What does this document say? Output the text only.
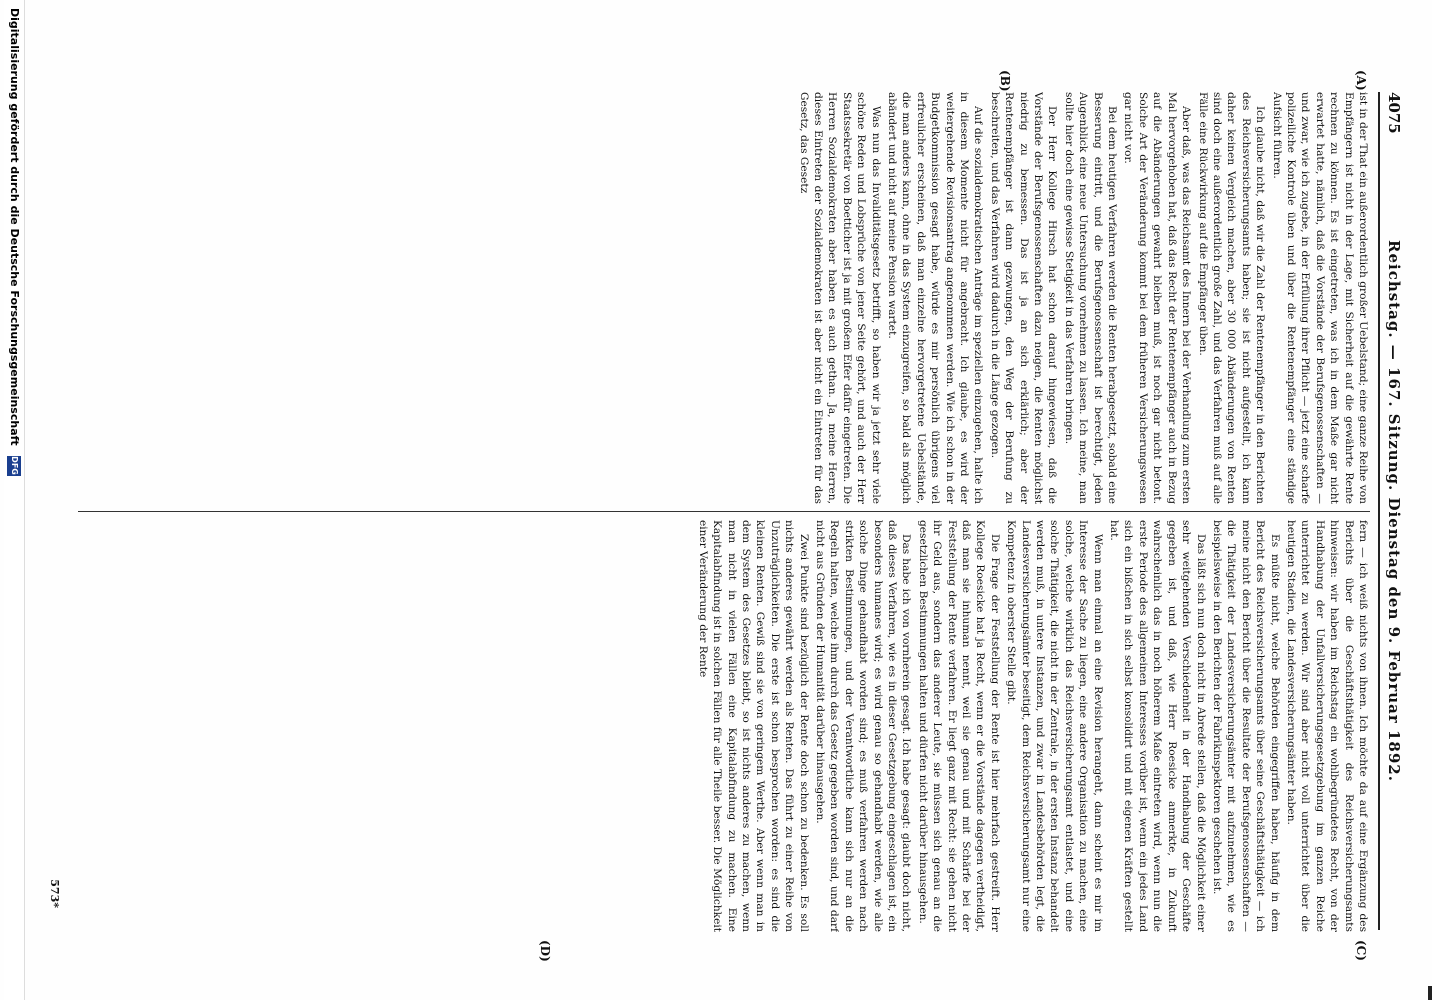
4075
Reichstag. — 167. Sitzung. Dienstag den 9. Februar 1892.
(A)
(B)
(C)
(D)

ist in der That ein außerordentlich großer Uebelstand; eine ganze Reihe von Empfängern ist nicht in der Lage, mit Sicherheit auf die gewährte Rente rechnen zu können. Es ist eingetreten, was ich in dem Maße gar nicht erwartet hatte, nämlich, daß die Vorstände der Berufsgenossenschaften — und zwar, wie ich zugebe, in der Erfüllung ihrer Pflicht — jetzt eine scharfe polizeiliche Kontrole üben und über die Rentenempfänger eine ständige Aufsicht führen.

Ich glaube nicht, daß wir die Zahl der Rentenempfänger in den Berichten des Reichsversicherungsamts haben; sie ist nicht aufgestellt, ich kann daher keinen Vergleich machen, aber 30 000 Abänderungen von Renten sind doch eine außerordentlich große Zahl, und das Verfahren muß auf alle Fälle eine Rückwirkung auf die Empfänger üben.

Aber daß, was das Reichsamt des Innern bei der Verhandlung zum ersten Mal hervorgehoben hat, daß das Recht der Rentenempfänger auch in Bezug auf die Abänderungen gewahrt bleiben muß, ist noch gar nicht betont. Solche Art der Veränderung kommt bei dem früheren Versicherungswesen gar nicht vor.

Bei dem heutigen Verfahren werden die Renten herabgesetzt, sobald eine Besserung eintritt, und die Berufsgenossenschaft ist berechtigt, jeden Augenblick eine neue Untersuchung vornehmen zu lassen. Ich meine, man sollte hier doch eine gewisse Stetigkeit in das Verfahren bringen.

Der Herr Kollege Hirsch hat schon darauf hingewiesen, daß die Vorstände der Berufsgenossenschaften dazu neigen, die Renten möglichst niedrig zu bemessen. Das ist ja an sich erklärlich; aber der Rentenempfänger ist dann gezwungen, den Weg der Berufung zu beschreiten, und das Verfahren wird dadurch in die Länge gezogen.

Auf die sozialdemokratischen Anträge im speziellen einzugehen, halte ich in diesem Momente nicht für angebracht. Ich glaube, es wird der weitergehende Revisionsantrag angenommen werden. Wie ich schon in der Budgetkommission gesagt habe, würde es mir persönlich übrigens viel erfreulicher erscheinen, daß man einzelne hervorgetretene Uebelstände, die man anders kann, ohne in das System einzugreifen, so bald als möglich abändert und nicht auf meine Pension wartet.

Was nun das Invaliditätsgesetz betrifft, so haben wir ja jetzt sehr viele schöne Reden und Lobsprüche von jener Seite gehört, und auch der Herr Staatssekretär von Boetticher ist ja mit großem Eifer dafür eingetreten. Die Herren Sozialdemokraten aber haben es auch gethan. Ja, meine Herren, dieses Eintreten der Sozialdemokraten ist aber nicht ein Eintreten für das Gesetz, das Gesetz

fern — ich weiß nichts von ihnen. Ich möchte da auf eine Ergänzung des Berichts über die Geschäftsthätigkeit des Reichsversicherungsamts hinweisen: wir haben im Reichstag ein wohlbegründetes Recht, von der Handhabung der Unfallversicherungsgesetzgebung im ganzen Reiche unterrichtet zu werden. Wir sind aber nicht voll unterrichtet über die heutigen Stadien, die Landesversicherungsämter haben.

Es müßte nicht, welche Behörden eingegriffen haben, häufig in dem Bericht des Reichsversicherungsamts über seine Geschäftsthätigkeit — ich meine nicht den Bericht über die Resultate der Berufsgenossenschaften — die Thätigkeit der Landesversicherungsämter mit aufzunehmen, wie es beispielsweise in den Berichten der Fabrikinspektoren geschehen ist.

Das läßt sich nun doch nicht in Abrede stellen, daß die Möglichkeit einer sehr weitgehenden Verschiedenheit in der Handhabung der Geschäfte gegeben ist, und daß, wie Herr Roesicke anmerkte, in Zukunft wahrscheinlich das in noch höherem Maße eintreten wird, wenn nun die erste Periode des allgemeinen Interesses vorüber ist, wenn ein jedes Land sich ein bißchen in sich selbst konsolidirt und mit eigenen Kräften gestellt hat.

Wenn man einmal an eine Revision herangeht, dann scheint es mir im Interesse der Sache zu liegen, eine andere Organisation zu machen, eine solche, welche wirklich das Reichsversicherungsamt entlastet, und eine solche Thätigkeit, die nicht in der Zentrale, in der ersten Instanz behandelt werden muß, in untere Instanzen, und zwar in Landesbehörden legt, die Landesversicherungsämter beseitigt, dem Reichsversicherungsamt nur eine Kompetenz in oberster Stelle gibt.

Die Frage der Feststellung der Rente ist hier mehrfach gestreift. Herr Kollege Roesicke hat ja Recht, wenn er die Vorstände dagegen vertheidigt, daß man sie inhuman nennt, weil sie genau und mit Schärfe bei der Feststellung der Rente verfahren. Er liegt ganz mit Recht: sie gehen nicht ihr Geld aus, sondern das anderer Leute, sie müssen sich genau an die gesetzlichen Bestimmungen halten und dürfen nicht darüber hinausgehen.

Das habe ich von vornherein gesagt. Ich habe gesagt: glaubt doch nicht, daß dieses Verfahren, wie es in dieser Gesetzgebung eingeschlagen ist, ein besonders humanes wird; es wird genau so gehandhabt werden, wie alle solche Dinge gehandhabt worden sind; es muß verfahren werden nach strikten Bestimmungen, und der Verantwortliche kann sich nur an die Regeln halten, welche ihm durch das Gesetz gegeben worden sind, und darf nicht aus Gründen der Humanität darüber hinausgehen.

Zwei Punkte sind bezüglich der Rente doch schon zu bedenken. Es soll nichts anderes gewährt werden als Renten. Das führt zu einer Reihe von Unzuträglichkeiten. Die erste ist schon besprochen worden: es sind die kleinen Renten. Gewiß sind sie von geringem Werthe. Aber wenn man in dem System des Gesetzes bleibt, so ist nichts anderes zu machen, wenn man nicht in vielen Fällen eine Kapitalabfindung zu machen. Eine Kapitalabfindung ist in solchen Fällen für alle Theile besser. Die Möglichkeit einer Veränderung der Rente

573*
Digitalisierung gefördert durch die Deutsche Forschungsgemeinschaft DFG
